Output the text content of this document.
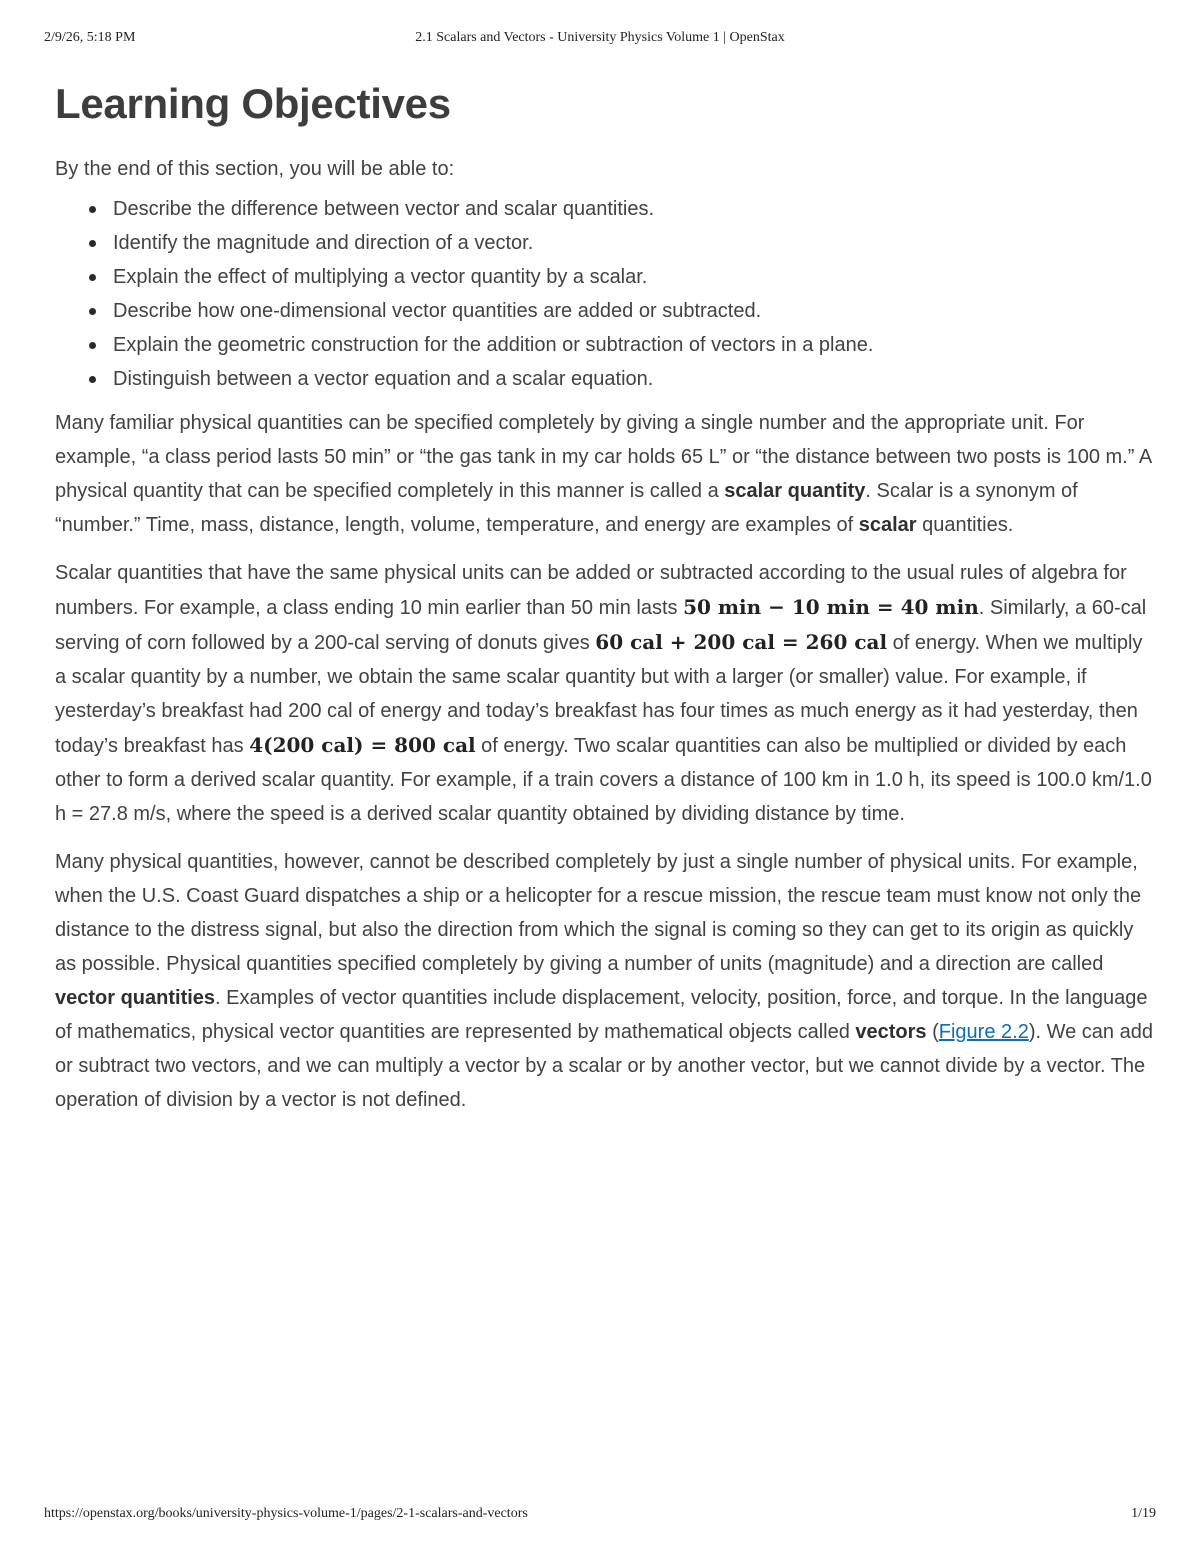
2/9/26, 5:18 PM	2.1 Scalars and Vectors - University Physics Volume 1 | OpenStax
Learning Objectives

By the end of this section, you will be able to:

Describe the difference between vector and scalar quantities.
Identify the magnitude and direction of a vector.
Explain the effect of multiplying a vector quantity by a scalar.
Describe how one-dimensional vector quantities are added or subtracted.
Explain the geometric construction for the addition or subtraction of vectors in a plane.
Distinguish between a vector equation and a scalar equation.

Many familiar physical quantities can be specified completely by giving a single number and the appropriate unit. For example, “a class period lasts 50 min” or “the gas tank in my car holds 65 L” or “the distance between two posts is 100 m.” A physical quantity that can be specified completely in this manner is called a scalar quantity. Scalar is a synonym of “number.” Time, mass, distance, length, volume, temperature, and energy are examples of scalar quantities.

Scalar quantities that have the same physical units can be added or subtracted according to the usual rules of algebra for numbers. For example, a class ending 10 min earlier than 50 min lasts 50 min − 10 min = 40 min. Similarly, a 60-cal serving of corn followed by a 200-cal serving of donuts gives 60 cal + 200 cal = 260 cal of energy. When we multiply a scalar quantity by a number, we obtain the same scalar quantity but with a larger (or smaller) value. For example, if yesterday’s breakfast had 200 cal of energy and today’s breakfast has four times as much energy as it had yesterday, then today’s breakfast has 4(200 cal) = 800 cal of energy. Two scalar quantities can also be multiplied or divided by each other to form a derived scalar quantity. For example, if a train covers a distance of 100 km in 1.0 h, its speed is 100.0 km/1.0 h = 27.8 m/s, where the speed is a derived scalar quantity obtained by dividing distance by time.

Many physical quantities, however, cannot be described completely by just a single number of physical units. For example, when the U.S. Coast Guard dispatches a ship or a helicopter for a rescue mission, the rescue team must know not only the distance to the distress signal, but also the direction from which the signal is coming so they can get to its origin as quickly as possible. Physical quantities specified completely by giving a number of units (magnitude) and a direction are called vector quantities. Examples of vector quantities include displacement, velocity, position, force, and torque. In the language of mathematics, physical vector quantities are represented by mathematical objects called vectors (Figure 2.2). We can add or subtract two vectors, and we can multiply a vector by a scalar or by another vector, but we cannot divide by a vector. The operation of division by a vector is not defined.

https://openstax.org/books/university-physics-volume-1/pages/2-1-scalars-and-vectors	1/19
